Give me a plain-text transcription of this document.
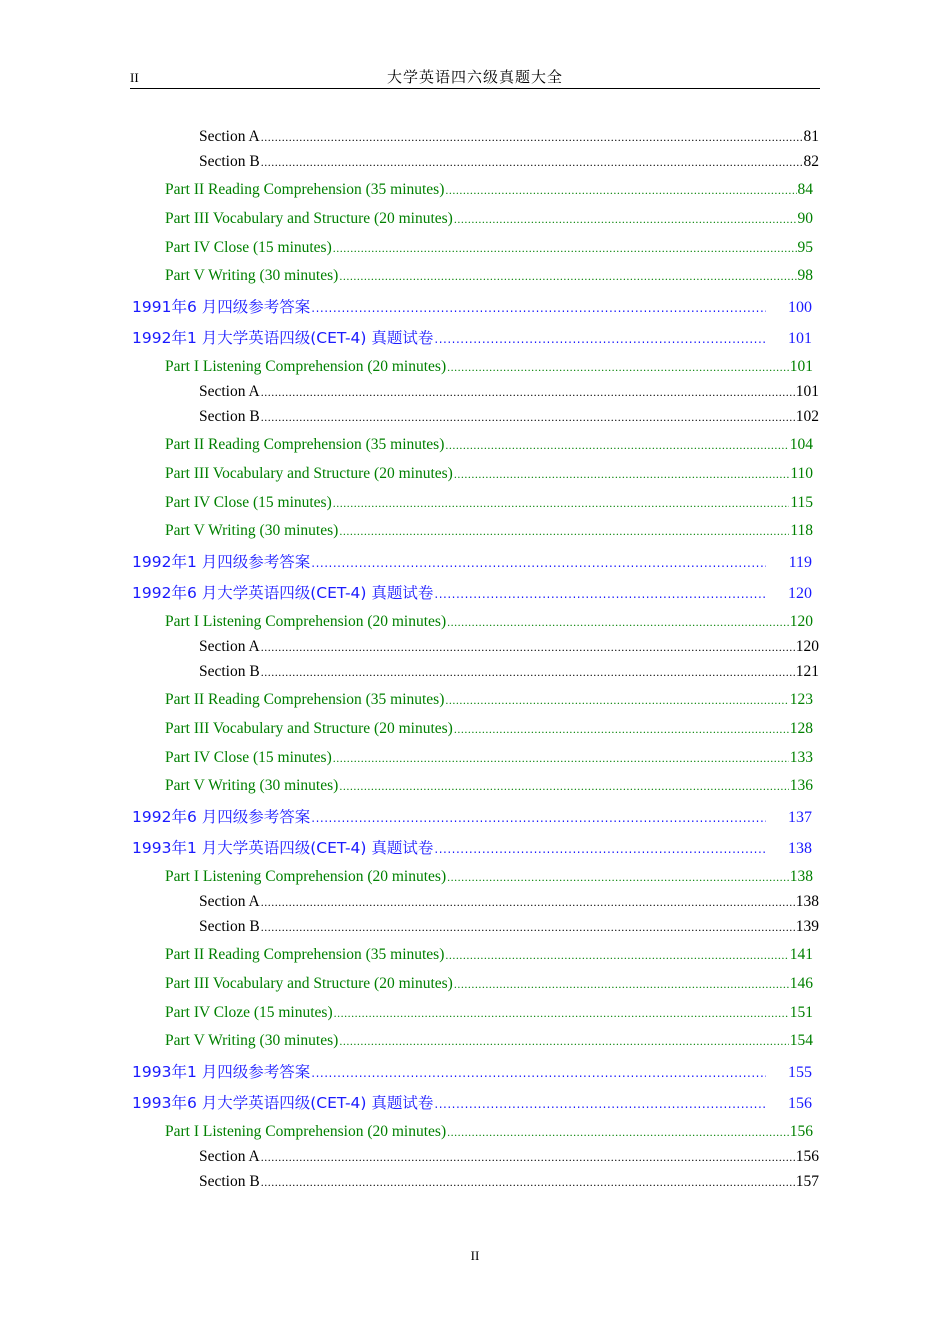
II	大学英语四六级真题大全
Section A .....	81
Section B .....	82
Part II Reading Comprehension (35 minutes) .....	84
Part III Vocabulary and Structure (20 minutes) .....	90
Part IV Close (15 minutes) .....	95
Part V Writing (30 minutes) .....	98
1991年6 月四级参考答案 .....	100
1992年1 月大学英语四级(CET-4) 真题试卷 .....	101
Part I Listening Comprehension (20 minutes) .....	101
Section A .....	101
Section B .....	102
Part II Reading Comprehension (35 minutes) .....	104
Part III Vocabulary and Structure (20 minutes) .....	110
Part IV Close (15 minutes) .....	115
Part V Writing (30 minutes) .....	118
1992年1 月四级参考答案 .....	119
1992年6 月大学英语四级(CET-4) 真题试卷 .....	120
Part I Listening Comprehension (20 minutes) .....	120
Section A .....	120
Section B .....	121
Part II Reading Comprehension (35 minutes) .....	123
Part III Vocabulary and Structure (20 minutes) .....	128
Part IV Close (15 minutes) .....	133
Part V Writing (30 minutes) .....	136
1992年6 月四级参考答案 .....	137
1993年1 月大学英语四级(CET-4) 真题试卷 .....	138
Part I Listening Comprehension (20 minutes) .....	138
Section A .....	138
Section B .....	139
Part II Reading Comprehension (35 minutes) .....	141
Part III Vocabulary and Structure (20 minutes) .....	146
Part IV Cloze (15 minutes) .....	151
Part V Writing (30 minutes) .....	154
1993年1 月四级参考答案 .....	155
1993年6 月大学英语四级(CET-4) 真题试卷 .....	156
Part I Listening Comprehension (20 minutes) .....	156
Section A .....	156
Section B .....	157
II
